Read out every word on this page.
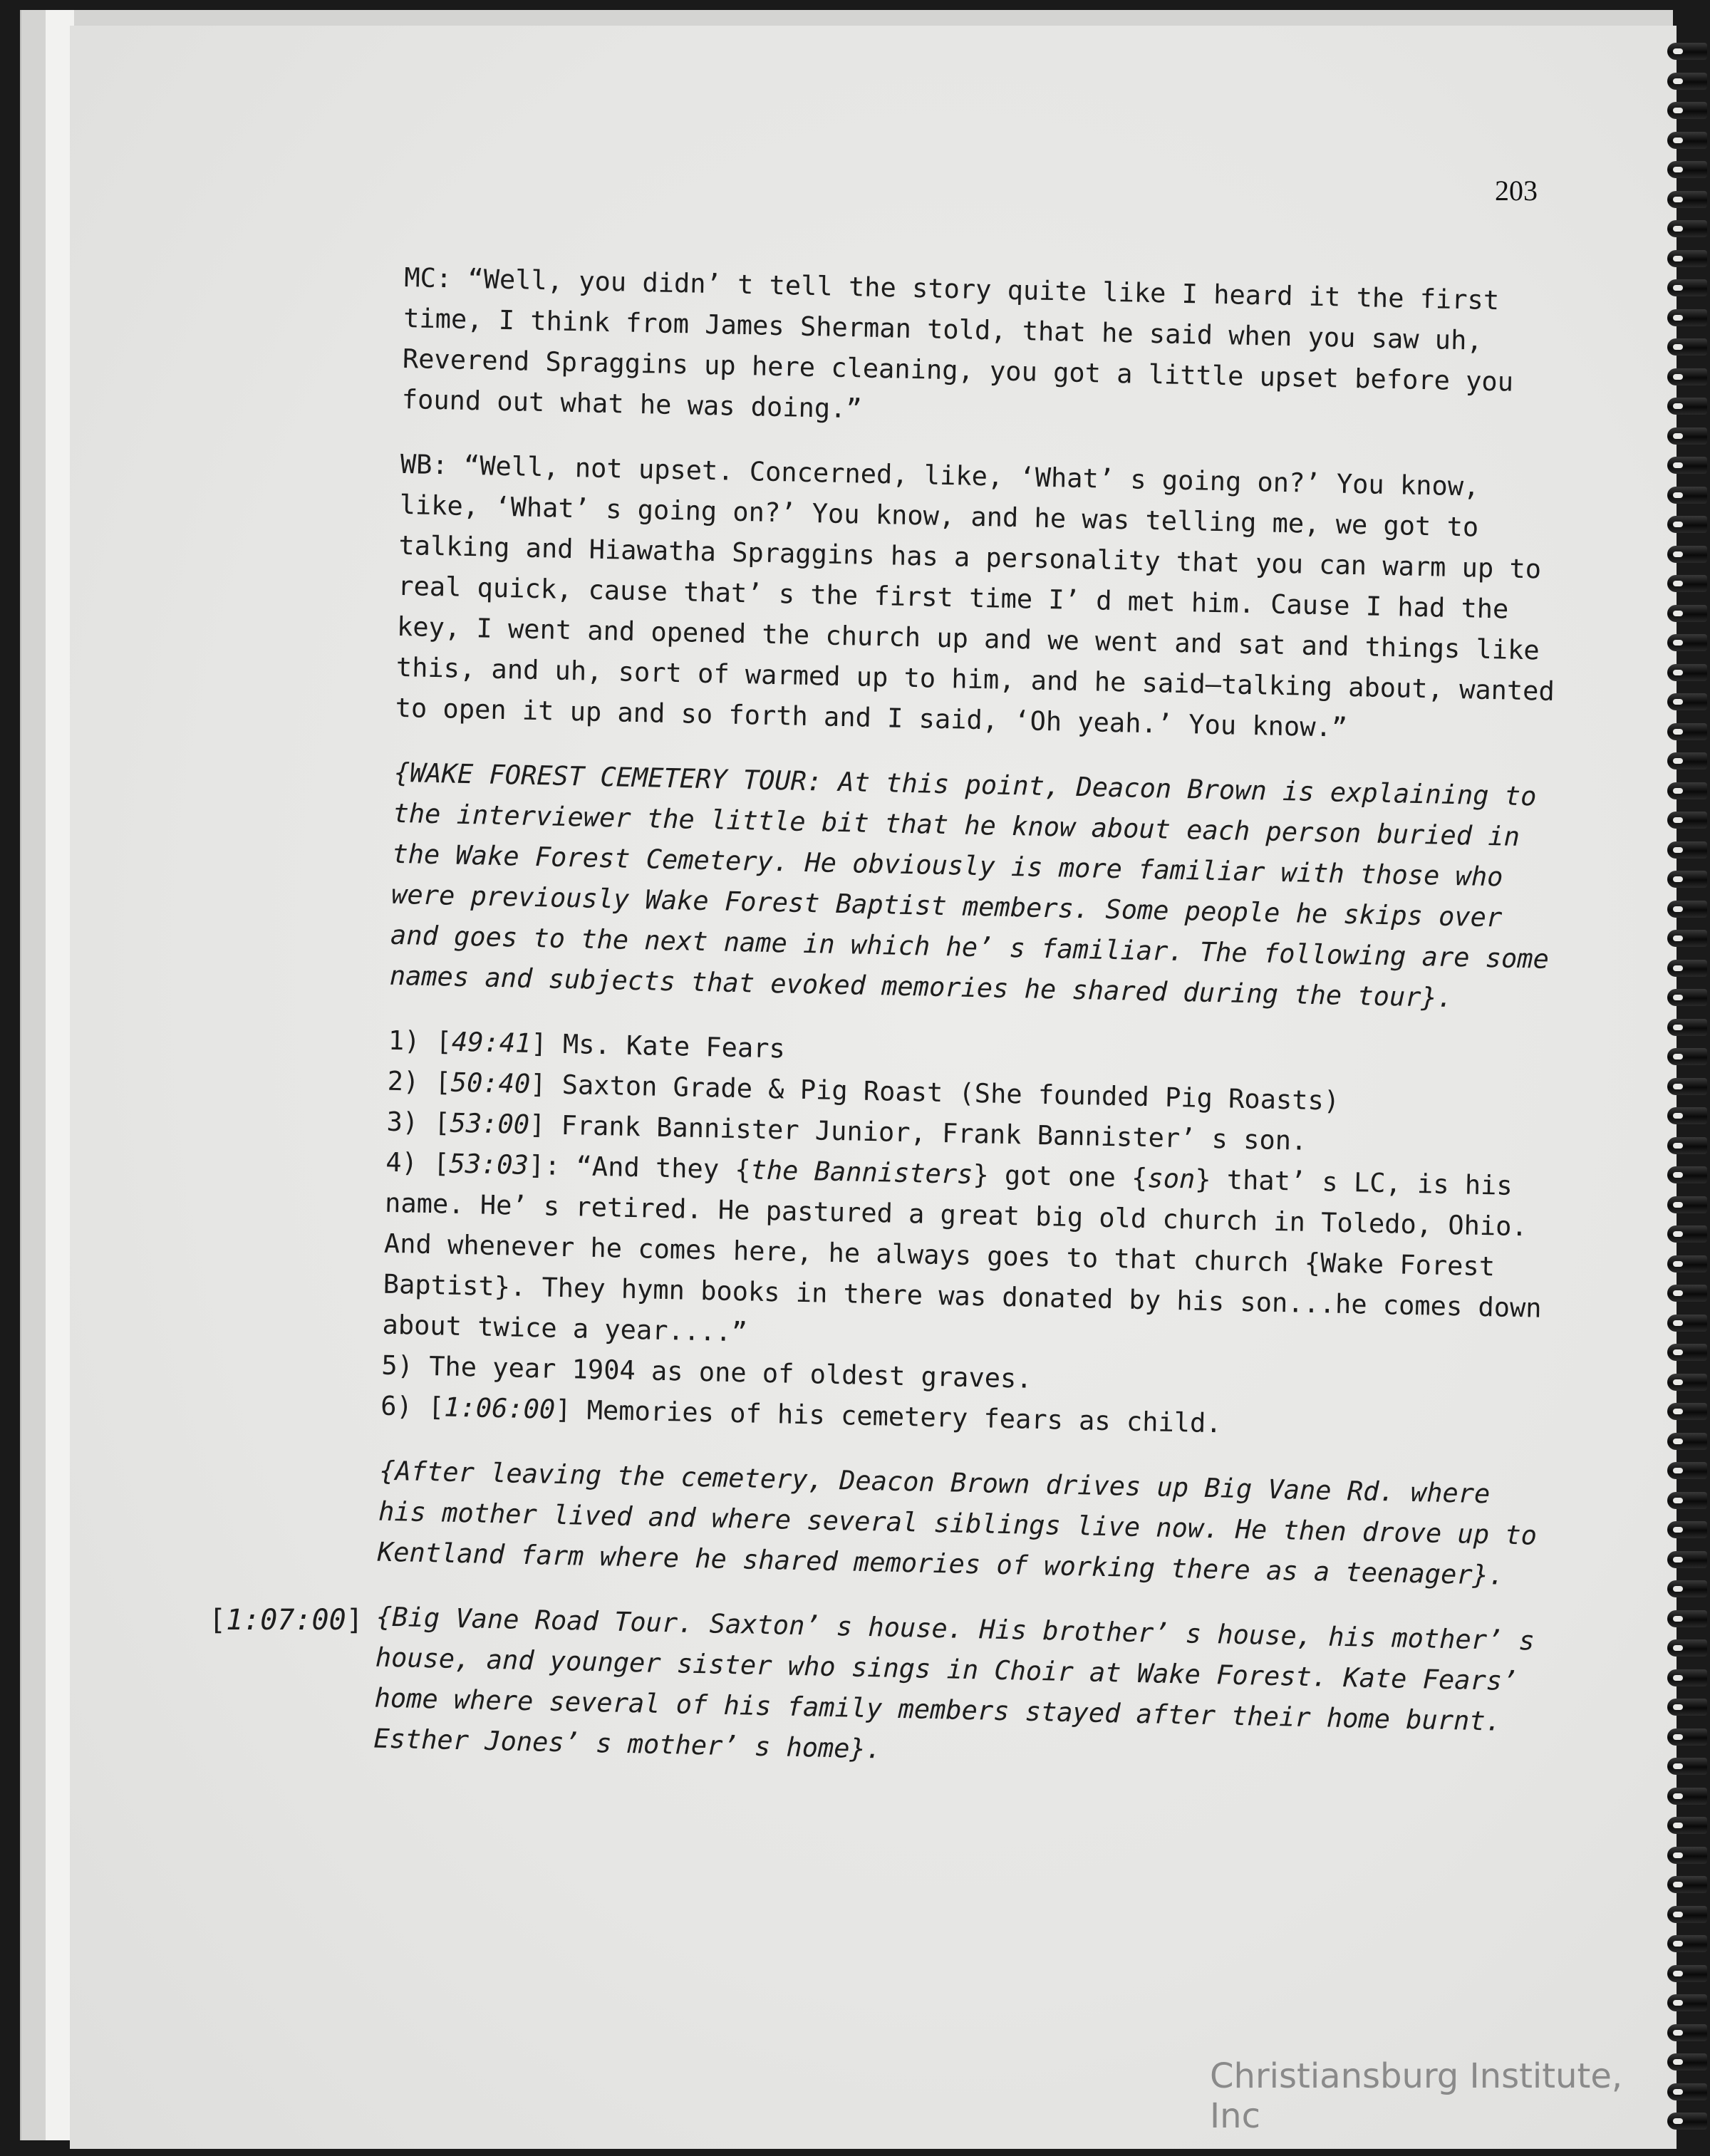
203

MC: “Well, you didn’ t tell the story quite like I heard it the first time, I think from James Sherman told, that he said when you saw uh, Reverend Spraggins up here cleaning, you got a little upset before you found out what he was doing.”

WB: “Well, not upset. Concerned, like, ‘What’ s going on?’ You know, like, ‘What’ s going on?’ You know, and he was telling me, we got to talking and Hiawatha Spraggins has a personality that you can warm up to real quick, cause that’ s the first time I’ d met him. Cause I had the key, I went and opened the church up and we went and sat and things like this, and uh, sort of warmed up to him, and he said—talking about, wanted to open it up and so forth and I said, ‘Oh yeah.’ You know.”

{WAKE FOREST CEMETERY TOUR: At this point, Deacon Brown is explaining to the interviewer the little bit that he know about each person buried in the Wake Forest Cemetery. He obviously is more familiar with those who were previously Wake Forest Baptist members. Some people he skips over and goes to the next name in which he’ s familiar. The following are some names and subjects that evoked memories he shared during the tour}.

1) [49:41] Ms. Kate Fears

2) [50:40] Saxton Grade & Pig Roast (She founded Pig Roasts)

3) [53:00] Frank Bannister Junior, Frank Bannister’ s son.

4) [53:03]: “And they {the Bannisters} got one {son} that’ s LC, is his name. He’ s retired. He pastured a great big old church in Toledo, Ohio. And whenever he comes here, he always goes to that church {Wake Forest Baptist}. They hymn books in there was donated by his son...he comes down about twice a year....”

5) The year 1904 as one of oldest graves.

6) [1:06:00] Memories of his cemetery fears as child.

{After leaving the cemetery, Deacon Brown drives up Big Vane Rd. where his mother lived and where several siblings live now. He then drove up to Kentland farm where he shared memories of working there as a teenager}.

{Big Vane Road Tour. Saxton’ s house. His brother’ s house, his mother’ s house, and younger sister who sings in Choir at Wake Forest. Kate Fears’ home where several of his family members stayed after their home burnt. Esther Jones’ s mother’ s home}.

[1:07:00]
Christiansburg Institute, Inc
